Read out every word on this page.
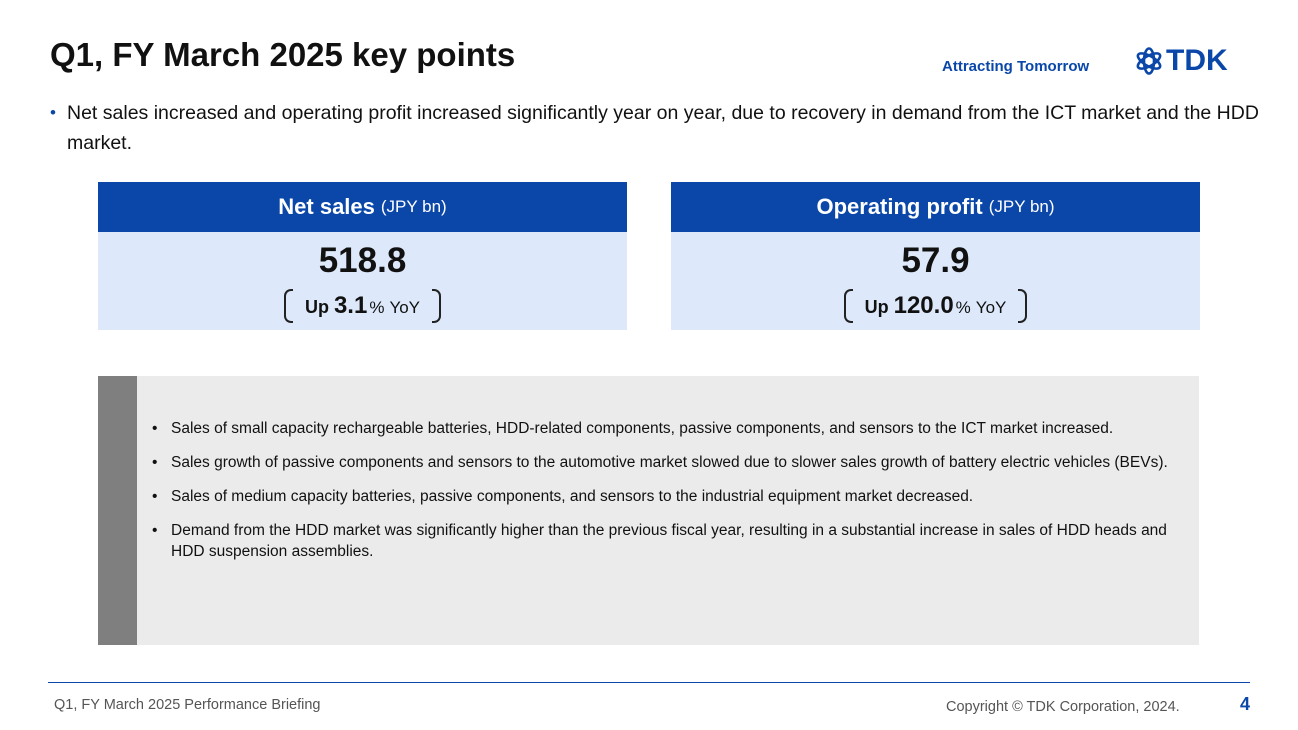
Q1, FY March 2025 key points	Attracting Tomorrow	TDK
• Net sales increased and operating profit increased significantly year on year, due to recovery in demand from the ICT market and the HDD market.
Net sales (JPY bn)
518.8
Up 3.1 % YoY
Operating profit (JPY bn)
57.9
Up 120.0 % YoY
• Sales of small capacity rechargeable batteries, HDD-related components, passive components, and sensors to the ICT market increased.
• Sales growth of passive components and sensors to the automotive market slowed due to slower sales growth of battery electric vehicles (BEVs).
• Sales of medium capacity batteries, passive components, and sensors to the industrial equipment market decreased.
• Demand from the HDD market was significantly higher than the previous fiscal year, resulting in a substantial increase in sales of HDD heads and HDD suspension assemblies.
Q1, FY March 2025 Performance Briefing	Copyright © TDK Corporation, 2024.	4
